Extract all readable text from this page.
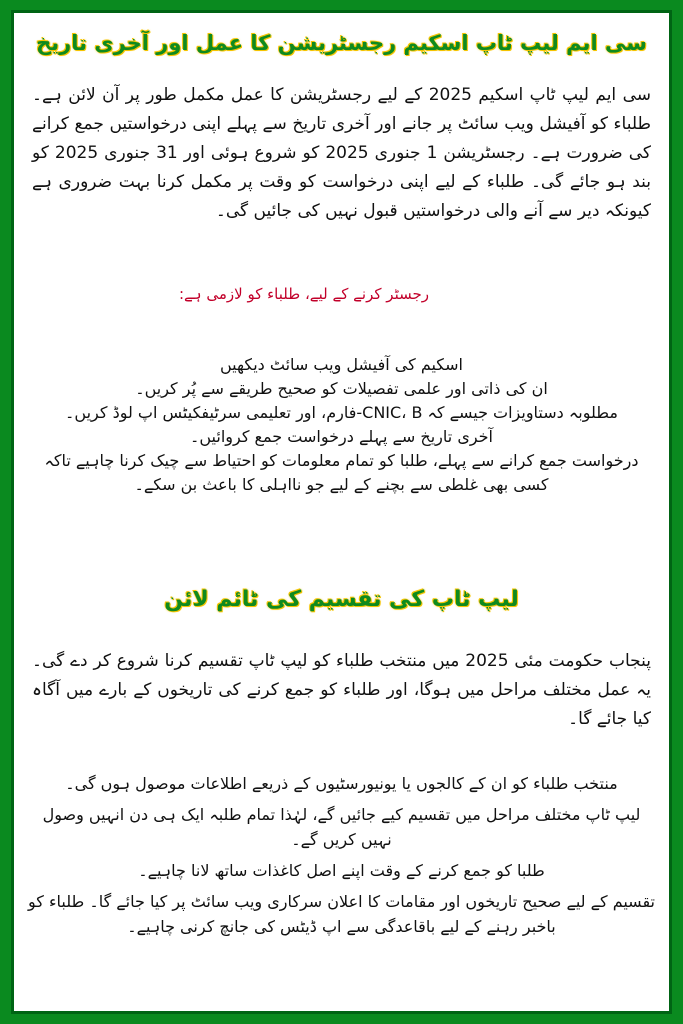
سی ایم لیپ ٹاپ اسکیم رجسٹریشن کا عمل اور آخری تاریخ
سی ایم لیپ ٹاپ اسکیم 2025 کے لیے رجسٹریشن کا عمل مکمل طور پر آن لائن ہے۔ طلباء کو آفیشل ویب سائٹ پر جانے اور آخری تاریخ سے پہلے اپنی درخواستیں جمع کرانے کی ضرورت ہے۔ رجسٹریشن 1 جنوری 2025 کو شروع ہوئی اور 31 جنوری 2025 کو بند ہو جائے گی۔ طلباء کے لیے اپنی درخواست کو وقت پر مکمل کرنا بہت ضروری ہے کیونکہ دیر سے آنے والی درخواستیں قبول نہیں کی جائیں گی۔
رجسٹر کرنے کے لیے، طلباء کو لازمی ہے:
اسکیم کی آفیشل ویب سائٹ دیکھیں
ان کی ذاتی اور علمی تفصیلات کو صحیح طریقے سے پُر کریں۔
مطلوبہ دستاویزات جیسے کہ CNIC، B-فارم، اور تعلیمی سرٹیفکیٹس اپ لوڈ کریں۔
آخری تاریخ سے پہلے درخواست جمع کروائیں۔
درخواست جمع کرانے سے پہلے، طلبا کو تمام معلومات کو احتیاط سے چیک کرنا چاہیے تاکہ کسی بھی غلطی سے بچنے کے لیے جو نااہلی کا باعث بن سکے۔
لیپ ٹاپ کی تقسیم کی ٹائم لائن
پنجاب حکومت مئی 2025 میں منتخب طلباء کو لیپ ٹاپ تقسیم کرنا شروع کر دے گی۔ یہ عمل مختلف مراحل میں ہوگا، اور طلباء کو جمع کرنے کی تاریخوں کے بارے میں آگاہ کیا جائے گا۔
منتخب طلباء کو ان کے کالجوں یا یونیورسٹیوں کے ذریعے اطلاعات موصول ہوں گی۔
لیپ ٹاپ مختلف مراحل میں تقسیم کیے جائیں گے، لہٰذا تمام طلبہ ایک ہی دن انہیں وصول نہیں کریں گے۔
طلبا کو جمع کرنے کے وقت اپنے اصل کاغذات ساتھ لانا چاہیے۔
تقسیم کے لیے صحیح تاریخوں اور مقامات کا اعلان سرکاری ویب سائٹ پر کیا جائے گا۔ طلباء کو باخبر رہنے کے لیے باقاعدگی سے اپ ڈیٹس کی جانچ کرنی چاہیے۔
